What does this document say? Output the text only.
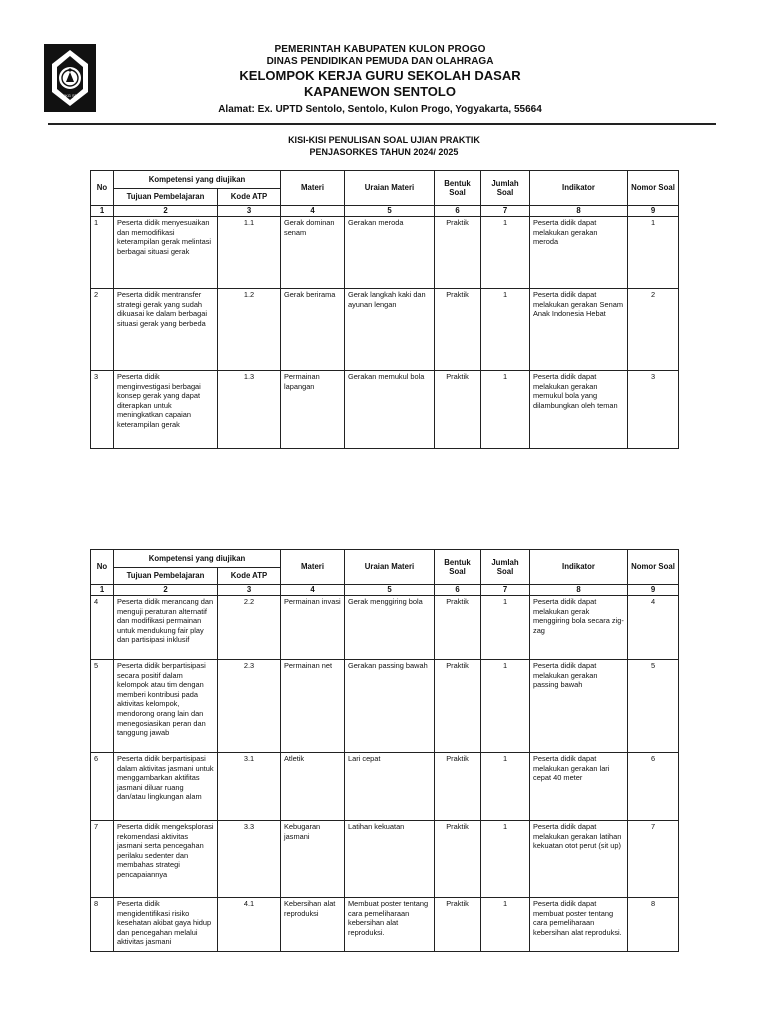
KKG SD
PEMERINTAH KABUPATEN KULON PROGO
DINAS PENDIDIKAN PEMUDA DAN OLAHRAGA
KELOMPOK KERJA GURU SEKOLAH DASAR
KAPANEWON SENTOLO
Alamat: Ex. UPTD Sentolo, Sentolo, Kulon Progo, Yogyakarta, 55664
KISI-KISI PENULISAN SOAL UJIAN PRAKTIK
PENJASORKES TAHUN 2024/ 2025
No	Kompetensi yang diujikan		Materi	Uraian Materi	Bentuk Soal	Jumlah Soal	Indikator	Nomor Soal
	Tujuan Pembelajaran	Kode ATP						
1	2	3	4	5	6	7	8	9
1	Peserta didik menyesuaikan dan memodifikasi keterampilan gerak melintasi berbagai situasi gerak	1.1	Gerak dominan senam	Gerakan meroda	Praktik	1	Peserta didik dapat melakukan gerakan meroda	1
2	Peserta didik mentransfer strategi gerak yang sudah dikuasai ke dalam berbagai situasi gerak yang berbeda	1.2	Gerak berirama	Gerak langkah kaki dan ayunan lengan	Praktik	1	Peserta didik dapat melakukan gerakan Senam Anak Indonesia Hebat	2
3	Peserta didik menginvestigasi berbagai konsep gerak yang dapat diterapkan untuk meningkatkan capaian keterampilan gerak	1.3	Permainan lapangan	Gerakan memukul bola	Praktik	1	Peserta didik dapat melakukan gerakan memukul bola yang dilambungkan oleh teman	3
No	Kompetensi yang diujikan		Materi	Uraian Materi	Bentuk Soal	Jumlah Soal	Indikator	Nomor Soal
	Tujuan Pembelajaran	Kode ATP						
1	2	3	4	5	6	7	8	9
4	Peserta didik merancang dan menguji peraturan alternatif dan modifikasi permainan untuk mendukung fair play dan partisipasi inklusif	2.2	Permainan invasi	Gerak menggiring bola	Praktik	1	Peserta didik dapat melakukan gerak menggiring bola secara zig-zag	4
5	Peserta didik berpartisipasi secara positif dalam kelompok atau tim dengan memberi kontribusi pada aktivitas kelompok, mendorong orang lain dan menegosiasikan peran dan tanggung jawab	2.3	Permainan net	Gerakan passing bawah	Praktik	1	Peserta didik dapat melakukan gerakan passing bawah	5
6	Peserta didik berpartisipasi dalam aktivitas jasmani untuk menggambarkan aktifitas jasmani diluar ruang dan/atau lingkungan alam	3.1	Atletik	Lari cepat	Praktik	1	Peserta didik dapat melakukan gerakan lari cepat 40 meter	6
7	Peserta didik mengeksplorasi rekomendasi aktivitas jasmani serta pencegahan perilaku sedenter dan membahas strategi pencapaiannya	3.3	Kebugaran jasmani	Latihan kekuatan	Praktik	1	Peserta didik dapat melakukan gerakan latihan kekuatan otot perut (sit up)	7
8	Peserta didik mengidentifikasi risiko kesehatan akibat gaya hidup dan pencegahan melalui aktivitas jasmani	4.1	Kebersihan alat reproduksi	Membuat poster tentang cara pemeliharaan kebersihan alat reproduksi.	Praktik	1	Peserta didik dapat membuat poster tentang cara pemeliharaan kebersihan alat reproduksi.	8
